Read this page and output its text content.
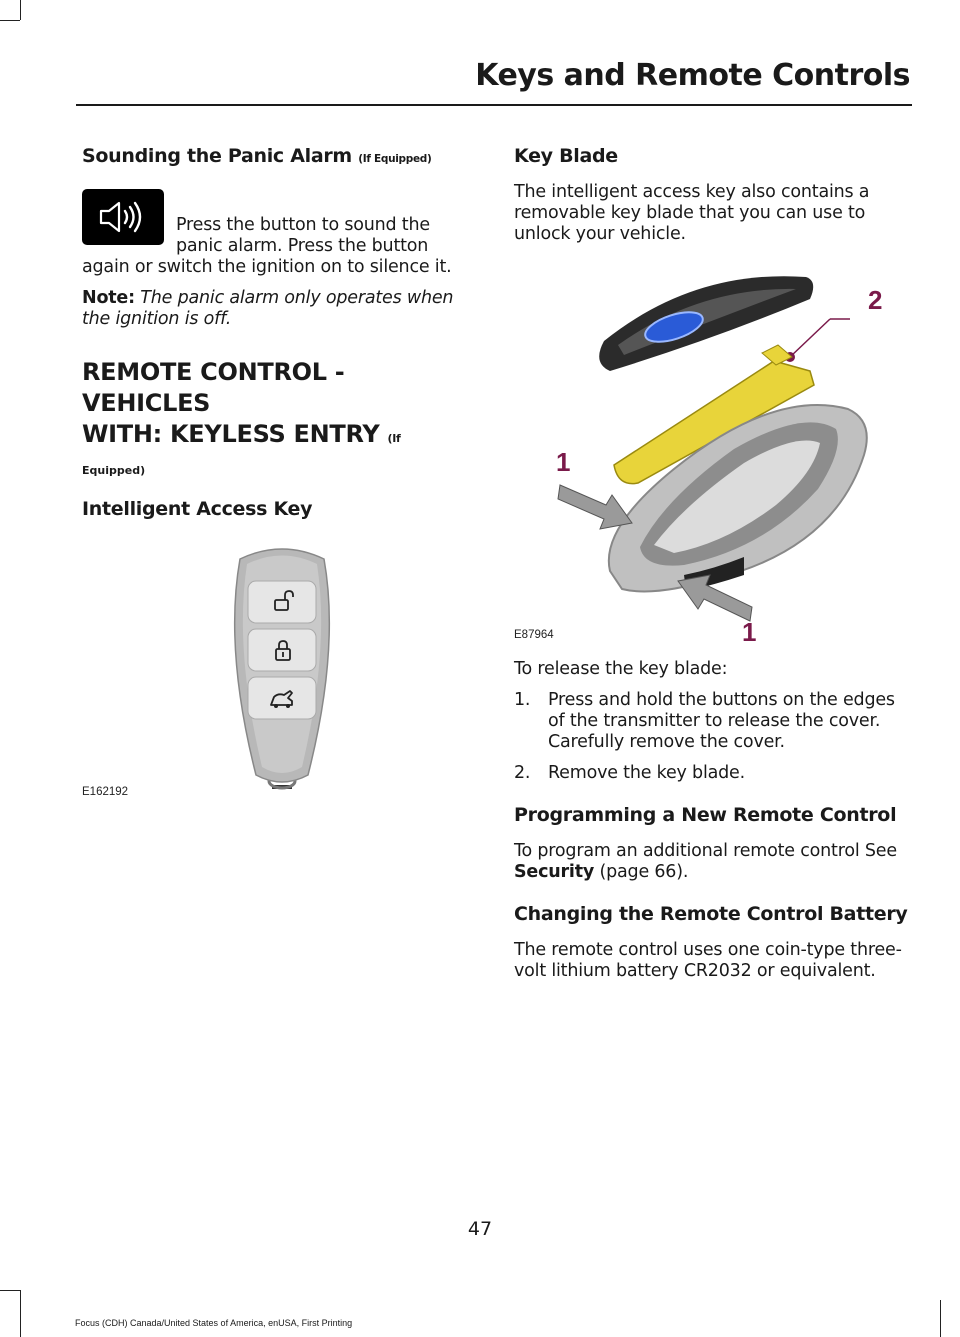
Keys and Remote Controls
Sounding the Panic Alarm (If Equipped)

Press the button to sound the panic alarm. Press the button again or switch the ignition on to silence it.

Note: The panic alarm only operates when the ignition is off.

REMOTE CONTROL - VEHICLES
WITH: KEYLESS ENTRY (If
Equipped)
Intelligent Access Key
E162192
Key Blade

The intelligent access key also contains a removable key blade that you can use to unlock your vehicle.

2
1
1
E87964

To release the key blade:

1. Press and hold the buttons on the edges of the transmitter to release the cover. Carefully remove the cover.
2. Remove the key blade.
Programming a New Remote Control

To program an additional remote control See Security (page 66).

Changing the Remote Control Battery

The remote control uses one coin-type three-volt lithium battery CR2032 or equivalent.

47
Focus (CDH) Canada/United States of America, enUSA, First Printing
